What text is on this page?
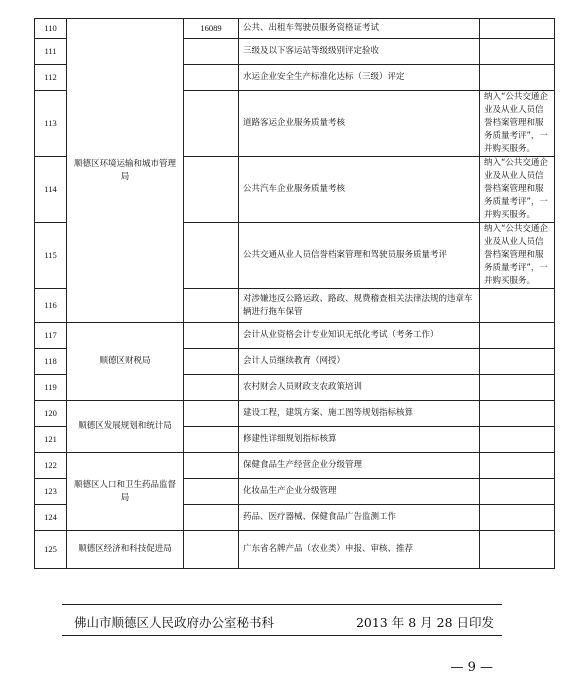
110	顺德区环境运输和城市管理局	16089	公共、出租车驾驶员服务资格证考试	
111			三级及以下客运站等级级别评定验收	
112			水运企业安全生产标准化达标（三级）评定	
113			道路客运企业服务质量考核	纳入“公共交通企业及从业人员信誉档案管理和服务质量考评”，一并购买服务。
114			公共汽车企业服务质量考核	纳入“公共交通企业及从业人员信誉档案管理和服务质量考评”，一并购买服务。
115			公共交通从业人员信誉档案管理和驾驶员服务质量考评	纳入“公共交通企业及从业人员信誉档案管理和服务质量考评”，一并购买服务。
116			对涉嫌违反公路运政、路政、规费稽查相关法律法规的违章车辆进行拖车保管	
117	顺德区财税局		会计从业资格会计专业知识无纸化考试（考务工作）	
118			会计人员继续教育（网授）	
119			农村财会人员财政支农政策培训	
120	顺德区发展规划和统计局		建设工程，建筑方案、施工图等规划指标核算	
121			修建性详细规划指标核算	
122	顺德区人口和卫生药品监督局		保健食品生产经营企业分级管理	
123			化妆品生产企业分级管理	
124			药品、医疗器械、保健食品广告监测工作	
125	顺德区经济和科技促进局		广东省名牌产品（农业类）申报、审核、推荐	
佛山市顺德区人民政府办公室秘书科	2013 年 8 月 28 日印发
— 9 —
